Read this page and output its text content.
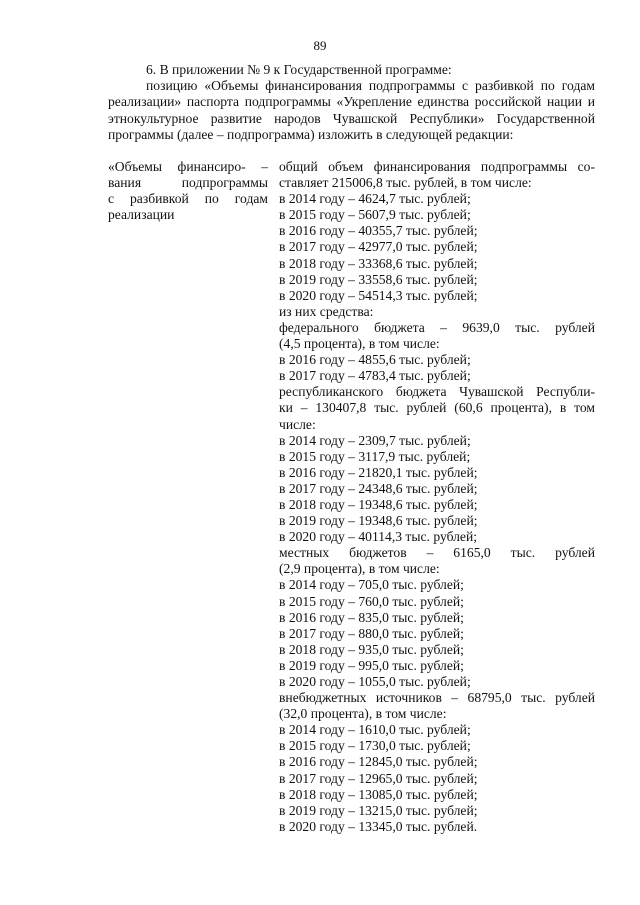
89

6. В приложении № 9 к Государственной программе:

позицию «Объемы финансирования подпрограммы с разбивкой по годам реализации» паспорта подпрограммы «Укрепление единства российской нации и этнокультурное развитие народов Чувашской Республики» Государственной программы (далее – подпрограмма) изложить в следующей редакции:

«Объемы финансиро- –
вания подпрограммы
с разбивкой по годам
реализации
общий объем финансирования подпрограммы со-
ставляет 215006,8 тыс. рублей, в том числе:
в 2014 году – 4624,7 тыс. рублей;
в 2015 году – 5607,9 тыс. рублей;
в 2016 году – 40355,7 тыс. рублей;
в 2017 году – 42977,0 тыс. рублей;
в 2018 году – 33368,6 тыс. рублей;
в 2019 году – 33558,6 тыс. рублей;
в 2020 году – 54514,3 тыс. рублей;
из них средства:
федерального бюджета – 9639,0 тыс. рублей
(4,5 процента), в том числе:
в 2016 году – 4855,6 тыс. рублей;
в 2017 году – 4783,4 тыс. рублей;
республиканского бюджета Чувашской Республи-
ки – 130407,8 тыс. рублей (60,6 процента), в том
числе:
в 2014 году – 2309,7 тыс. рублей;
в 2015 году – 3117,9 тыс. рублей;
в 2016 году – 21820,1 тыс. рублей;
в 2017 году – 24348,6 тыс. рублей;
в 2018 году – 19348,6 тыс. рублей;
в 2019 году – 19348,6 тыс. рублей;
в 2020 году – 40114,3 тыс. рублей;
местных бюджетов – 6165,0 тыс. рублей
(2,9 процента), в том числе:
в 2014 году – 705,0 тыс. рублей;
в 2015 году – 760,0 тыс. рублей;
в 2016 году – 835,0 тыс. рублей;
в 2017 году – 880,0 тыс. рублей;
в 2018 году – 935,0 тыс. рублей;
в 2019 году – 995,0 тыс. рублей;
в 2020 году – 1055,0 тыс. рублей;
внебюджетных источников – 68795,0 тыс. рублей
(32,0 процента), в том числе:
в 2014 году – 1610,0 тыс. рублей;
в 2015 году – 1730,0 тыс. рублей;
в 2016 году – 12845,0 тыс. рублей;
в 2017 году – 12965,0 тыс. рублей;
в 2018 году – 13085,0 тыс. рублей;
в 2019 году – 13215,0 тыс. рублей;
в 2020 году – 13345,0 тыс. рублей.
